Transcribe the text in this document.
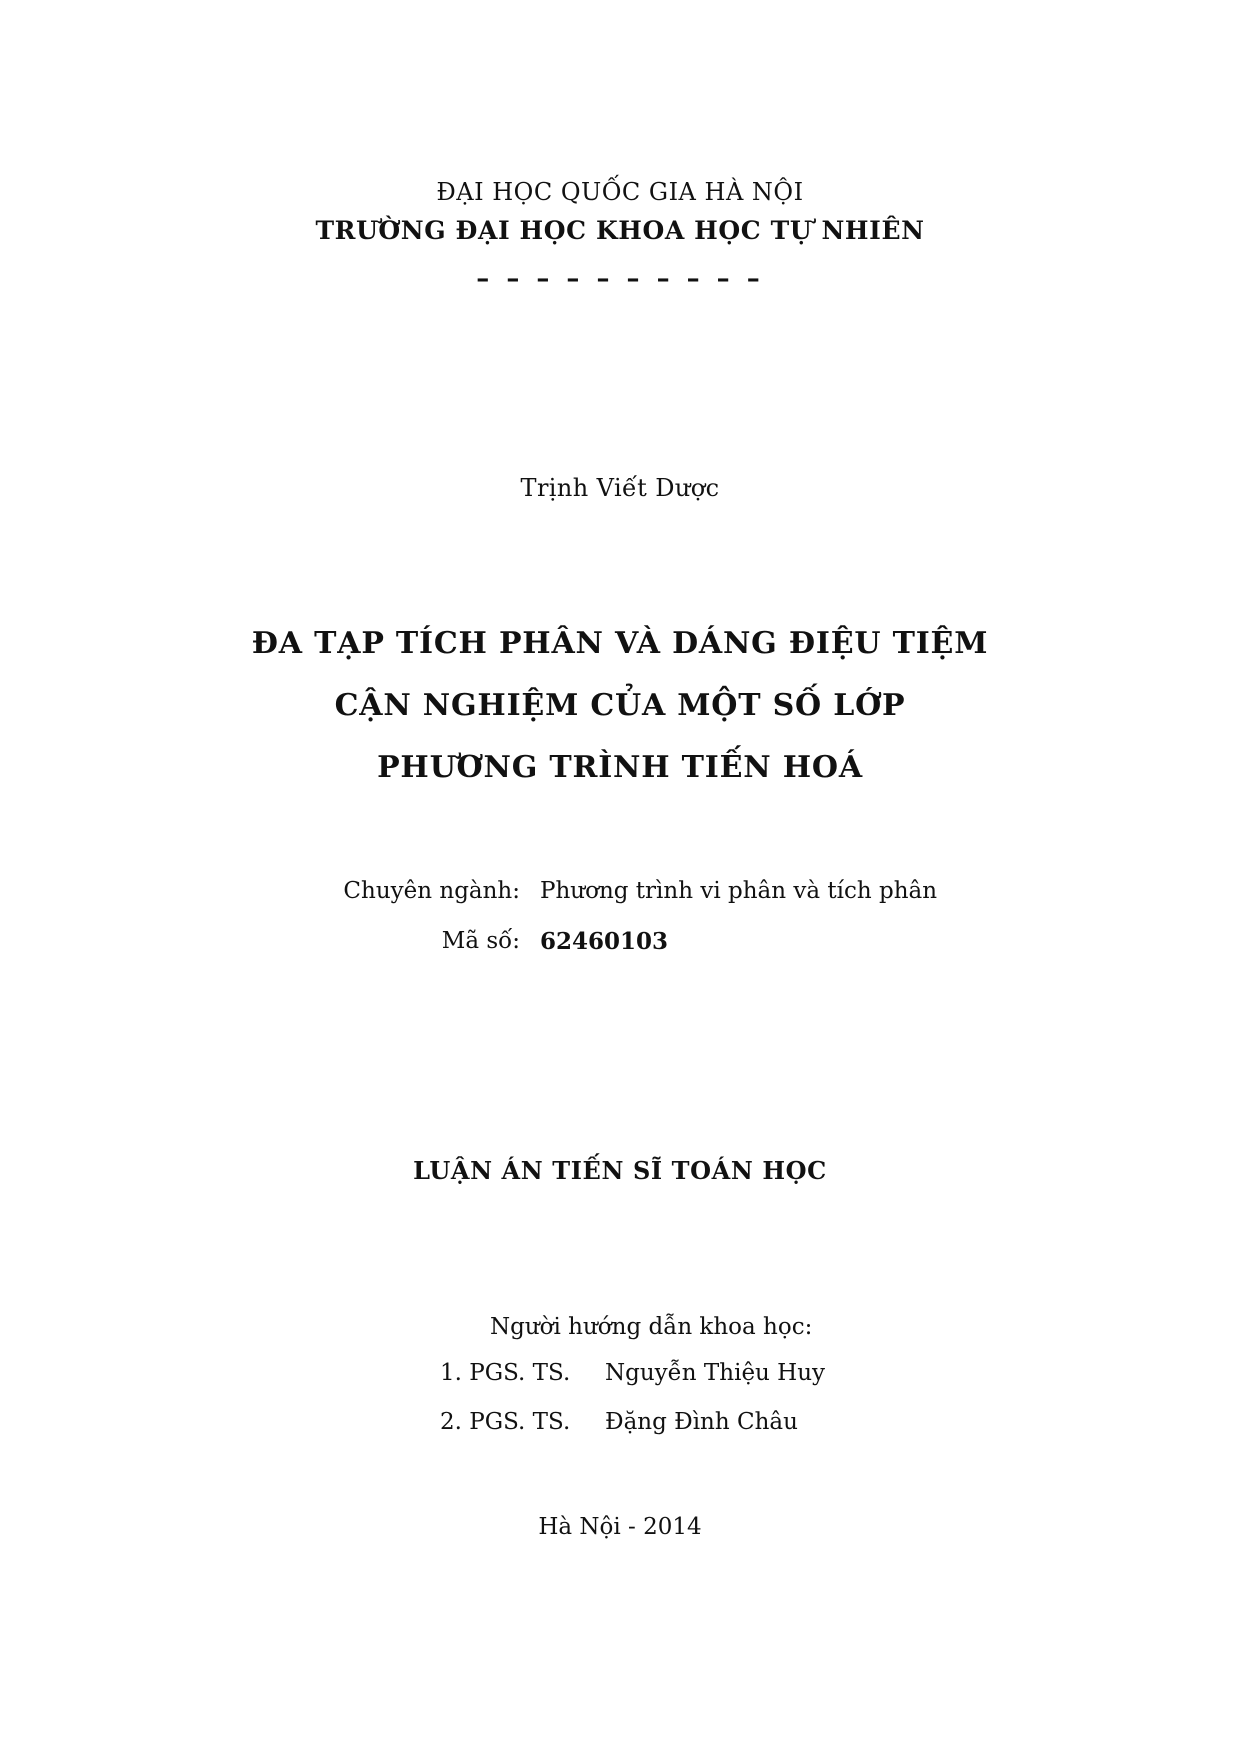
ĐẠI HỌC QUỐC GIA HÀ NỘI
TRƯỜNG ĐẠI HỌC KHOA HỌC TỰ NHIÊN
– – – – – – – – – –
Trịnh Viết Dược
ĐA TẠP TÍCH PHÂN VÀ DÁNG ĐIỆU TIỆM
CẬN NGHIỆM CỦA MỘT SỐ LỚP
PHƯƠNG TRÌNH TIẾN HOÁ
Chuyên ngành: Phương trình vi phân và tích phân
Mã số: 62460103
LUẬN ÁN TIẾN SĨ TOÁN HỌC
Người hướng dẫn khoa học:
1. PGS. TS. Nguyễn Thiệu Huy
2. PGS. TS. Đặng Đình Châu
Hà Nội - 2014
